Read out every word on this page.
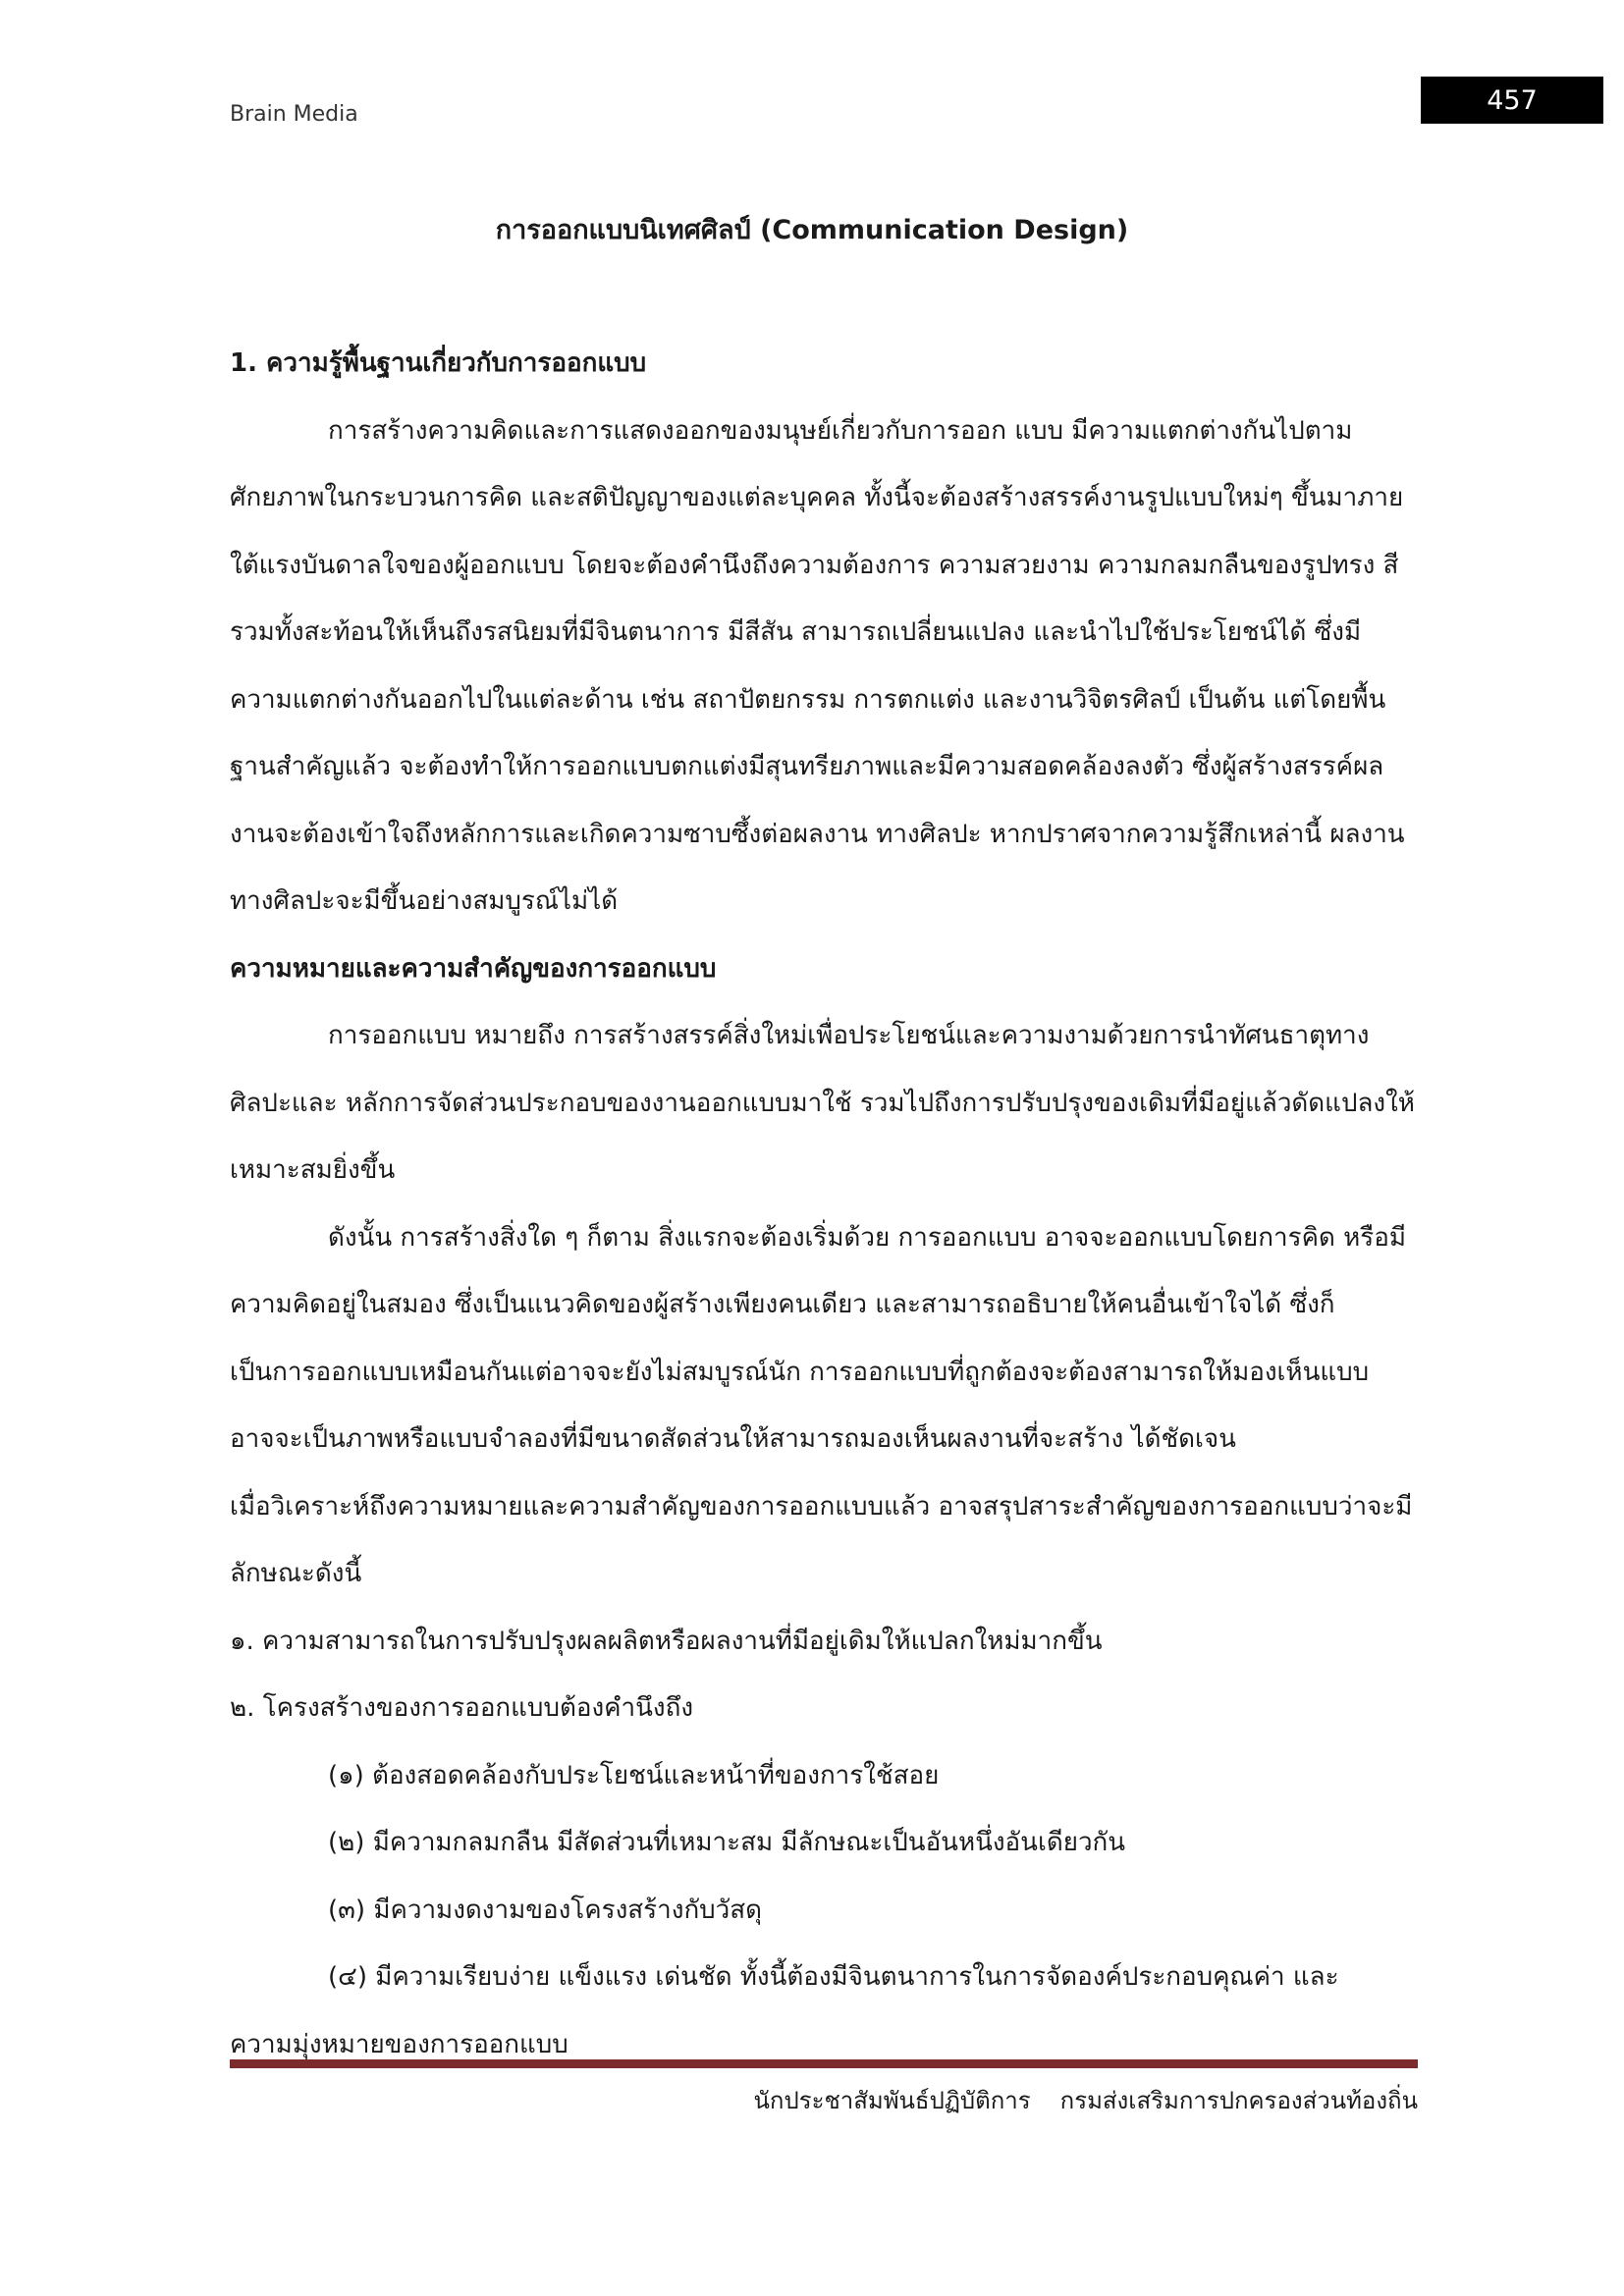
Brain Media	457
การออกแบบนิเทศศิลป์ (Communication Design)

1. ความรู้พื้นฐานเกี่ยวกับการออกแบบ

การสร้างความคิดและการแสดงออกของมนุษย์เกี่ยวกับการออก แบบ มีความแตกต่างกันไปตามศักยภาพในกระบวนการคิด และสติปัญญาของแต่ละบุคคล ทั้งนี้จะต้องสร้างสรรค์งานรูปแบบใหม่ๆ ขึ้นมาภายใต้แรงบันดาลใจของผู้ออกแบบ โดยจะต้องคำนึงถึงความต้องการ ความสวยงาม ความกลมกลืนของรูปทรง สี รวมทั้งสะท้อนให้เห็นถึงรสนิยมที่มีจินตนาการ มีสีสัน สามารถเปลี่ยนแปลง และนำไปใช้ประโยชน์ได้ ซึ่งมีความแตกต่างกันออกไปในแต่ละด้าน เช่น สถาปัตยกรรม การตกแต่ง และงานวิจิตรศิลป์ เป็นต้น แต่โดยพื้นฐานสำคัญแล้ว จะต้องทำให้การออกแบบตกแต่งมีสุนทรียภาพและมีความสอดคล้องลงตัว ซึ่งผู้สร้างสรรค์ผลงานจะต้องเข้าใจถึงหลักการและเกิดความซาบซึ้งต่อผลงาน ทางศิลปะ หากปราศจากความรู้สึกเหล่านี้ ผลงานทางศิลปะจะมีขึ้นอย่างสมบูรณ์ไม่ได้

ความหมายและความสำคัญของการออกแบบ

การออกแบบ หมายถึง การสร้างสรรค์สิ่งใหม่เพื่อประโยชน์และความงามด้วยการนำทัศนธาตุทางศิลปะและ หลักการจัดส่วนประกอบของงานออกแบบมาใช้ รวมไปถึงการปรับปรุงของเดิมที่มีอยู่แล้วดัดแปลงให้เหมาะสมยิ่งขึ้น

ดังนั้น การสร้างสิ่งใด ๆ ก็ตาม สิ่งแรกจะต้องเริ่มด้วย การออกแบบ อาจจะออกแบบโดยการคิด หรือมีความคิดอยู่ในสมอง ซึ่งเป็นแนวคิดของผู้สร้างเพียงคนเดียว และสามารถอธิบายให้คนอื่นเข้าใจได้ ซึ่งก็เป็นการออกแบบเหมือนกันแต่อาจจะยังไม่สมบูรณ์นัก การออกแบบที่ถูกต้องจะต้องสามารถให้มองเห็นแบบ อาจจะเป็นภาพหรือแบบจำลองที่มีขนาดสัดส่วนให้สามารถมองเห็นผลงานที่จะสร้าง ได้ชัดเจน

เมื่อวิเคราะห์ถึงความหมายและความสำคัญของการออกแบบแล้ว อาจสรุปสาระสำคัญของการออกแบบว่าจะมีลักษณะดังนี้

๑. ความสามารถในการปรับปรุงผลผลิตหรือผลงานที่มีอยู่เดิมให้แปลกใหม่มากขึ้น

๒. โครงสร้างของการออกแบบต้องคำนึงถึง

(๑) ต้องสอดคล้องกับประโยชน์และหน้าที่ของการใช้สอย

(๒) มีความกลมกลืน มีสัดส่วนที่เหมาะสม มีลักษณะเป็นอันหนึ่งอันเดียวกัน

(๓) มีความงดงามของโครงสร้างกับวัสดุ

(๔) มีความเรียบง่าย แข็งแรง เด่นชัด ทั้งนี้ต้องมีจินตนาการในการจัดองค์ประกอบคุณค่า และ

ความมุ่งหมายของการออกแบบ

นักประชาสัมพันธ์ปฏิบัติการ กรมส่งเสริมการปกครองส่วนท้องถิ่น
